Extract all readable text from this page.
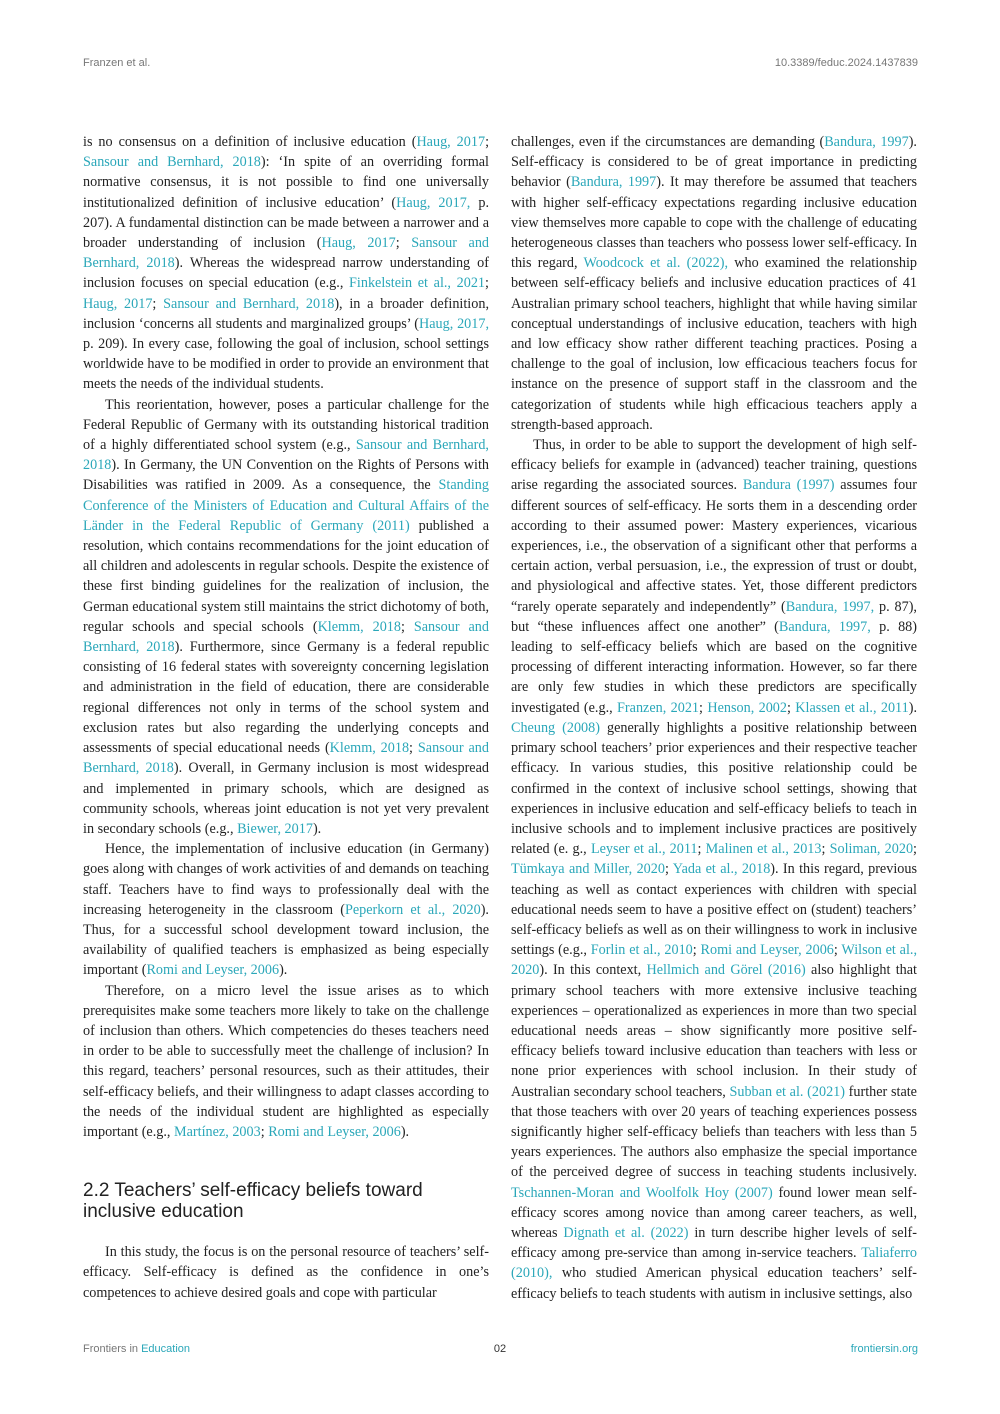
Franzen et al.	10.3389/feduc.2024.1437839

is no consensus on a definition of inclusive education (Haug, 2017; Sansour and Bernhard, 2018): ‘In spite of an overriding formal normative consensus, it is not possible to find one universally institutionalized definition of inclusive education’ (Haug, 2017, p. 207). A fundamental distinction can be made between a narrower and a broader understanding of inclusion (Haug, 2017; Sansour and Bernhard, 2018). Whereas the widespread narrow understanding of inclusion focuses on special education (e.g., Finkelstein et al., 2021; Haug, 2017; Sansour and Bernhard, 2018), in a broader definition, inclusion ‘concerns all students and marginalized groups’ (Haug, 2017, p. 209). In every case, following the goal of inclusion, school settings worldwide have to be modified in order to provide an environment that meets the needs of the individual students.

This reorientation, however, poses a particular challenge for the Federal Republic of Germany with its outstanding historical tradition of a highly differentiated school system (e.g., Sansour and Bernhard, 2018). In Germany, the UN Convention on the Rights of Persons with Disabilities was ratified in 2009. As a consequence, the Standing Conference of the Ministers of Education and Cultural Affairs of the Länder in the Federal Republic of Germany (2011) published a resolution, which contains recommendations for the joint education of all children and adolescents in regular schools. Despite the existence of these first binding guidelines for the realization of inclusion, the German educational system still maintains the strict dichotomy of both, regular schools and special schools (Klemm, 2018; Sansour and Bernhard, 2018). Furthermore, since Germany is a federal republic consisting of 16 federal states with sovereignty concerning legislation and administration in the field of education, there are considerable regional differences not only in terms of the school system and exclusion rates but also regarding the underlying concepts and assessments of special educational needs (Klemm, 2018; Sansour and Bernhard, 2018). Overall, in Germany inclusion is most widespread and implemented in primary schools, which are designed as community schools, whereas joint education is not yet very prevalent in secondary schools (e.g., Biewer, 2017).

Hence, the implementation of inclusive education (in Germany) goes along with changes of work activities of and demands on teaching staff. Teachers have to find ways to professionally deal with the increasing heterogeneity in the classroom (Peperkorn et al., 2020). Thus, for a successful school development toward inclusion, the availability of qualified teachers is emphasized as being especially important (Romi and Leyser, 2006).

Therefore, on a micro level the issue arises as to which prerequisites make some teachers more likely to take on the challenge of inclusion than others. Which competencies do theses teachers need in order to be able to successfully meet the challenge of inclusion? In this regard, teachers’ personal resources, such as their attitudes, their self-efficacy beliefs, and their willingness to adapt classes according to the needs of the individual student are highlighted as especially important (e.g., Martínez, 2003; Romi and Leyser, 2006).

2.2 Teachers’ self-efficacy beliefs toward inclusive education

In this study, the focus is on the personal resource of teachers’ self-efficacy. Self-efficacy is defined as the confidence in one’s competences to achieve desired goals and cope with particular

challenges, even if the circumstances are demanding (Bandura, 1997). Self-efficacy is considered to be of great importance in predicting behavior (Bandura, 1997). It may therefore be assumed that teachers with higher self-efficacy expectations regarding inclusive education view themselves more capable to cope with the challenge of educating heterogeneous classes than teachers who possess lower self-efficacy. In this regard, Woodcock et al. (2022), who examined the relationship between self-efficacy beliefs and inclusive education practices of 41 Australian primary school teachers, highlight that while having similar conceptual understandings of inclusive education, teachers with high and low efficacy show rather different teaching practices. Posing a challenge to the goal of inclusion, low efficacious teachers focus for instance on the presence of support staff in the classroom and the categorization of students while high efficacious teachers apply a strength-based approach.

Thus, in order to be able to support the development of high self-efficacy beliefs for example in (advanced) teacher training, questions arise regarding the associated sources. Bandura (1997) assumes four different sources of self-efficacy. He sorts them in a descending order according to their assumed power: Mastery experiences, vicarious experiences, i.e., the observation of a significant other that performs a certain action, verbal persuasion, i.e., the expression of trust or doubt, and physiological and affective states. Yet, those different predictors “rarely operate separately and independently” (Bandura, 1997, p. 87), but “these influences affect one another” (Bandura, 1997, p. 88) leading to self-efficacy beliefs which are based on the cognitive processing of different interacting information. However, so far there are only few studies in which these predictors are specifically investigated (e.g., Franzen, 2021; Henson, 2002; Klassen et al., 2011). Cheung (2008) generally highlights a positive relationship between primary school teachers’ prior experiences and their respective teacher efficacy. In various studies, this positive relationship could be confirmed in the context of inclusive school settings, showing that experiences in inclusive education and self-efficacy beliefs to teach in inclusive schools and to implement inclusive practices are positively related (e. g., Leyser et al., 2011; Malinen et al., 2013; Soliman, 2020; Tümkaya and Miller, 2020; Yada et al., 2018). In this regard, previous teaching as well as contact experiences with children with special educational needs seem to have a positive effect on (student) teachers’ self-efficacy beliefs as well as on their willingness to work in inclusive settings (e.g., Forlin et al., 2010; Romi and Leyser, 2006; Wilson et al., 2020). In this context, Hellmich and Görel (2016) also highlight that primary school teachers with more extensive inclusive teaching experiences – operationalized as experiences in more than two special educational needs areas – show significantly more positive self-efficacy beliefs toward inclusive education than teachers with less or none prior experiences with school inclusion. In their study of Australian secondary school teachers, Subban et al. (2021) further state that those teachers with over 20 years of teaching experiences possess significantly higher self-efficacy beliefs than teachers with less than 5 years experiences. The authors also emphasize the special importance of the perceived degree of success in teaching students inclusively. Tschannen-Moran and Woolfolk Hoy (2007) found lower mean self-efficacy scores among novice than among career teachers, as well, whereas Dignath et al. (2022) in turn describe higher levels of self-efficacy among pre-service than among in-service teachers. Taliaferro (2010), who studied American physical education teachers’ self-efficacy beliefs to teach students with autism in inclusive settings, also

Frontiers in Education	02	frontiersin.org
